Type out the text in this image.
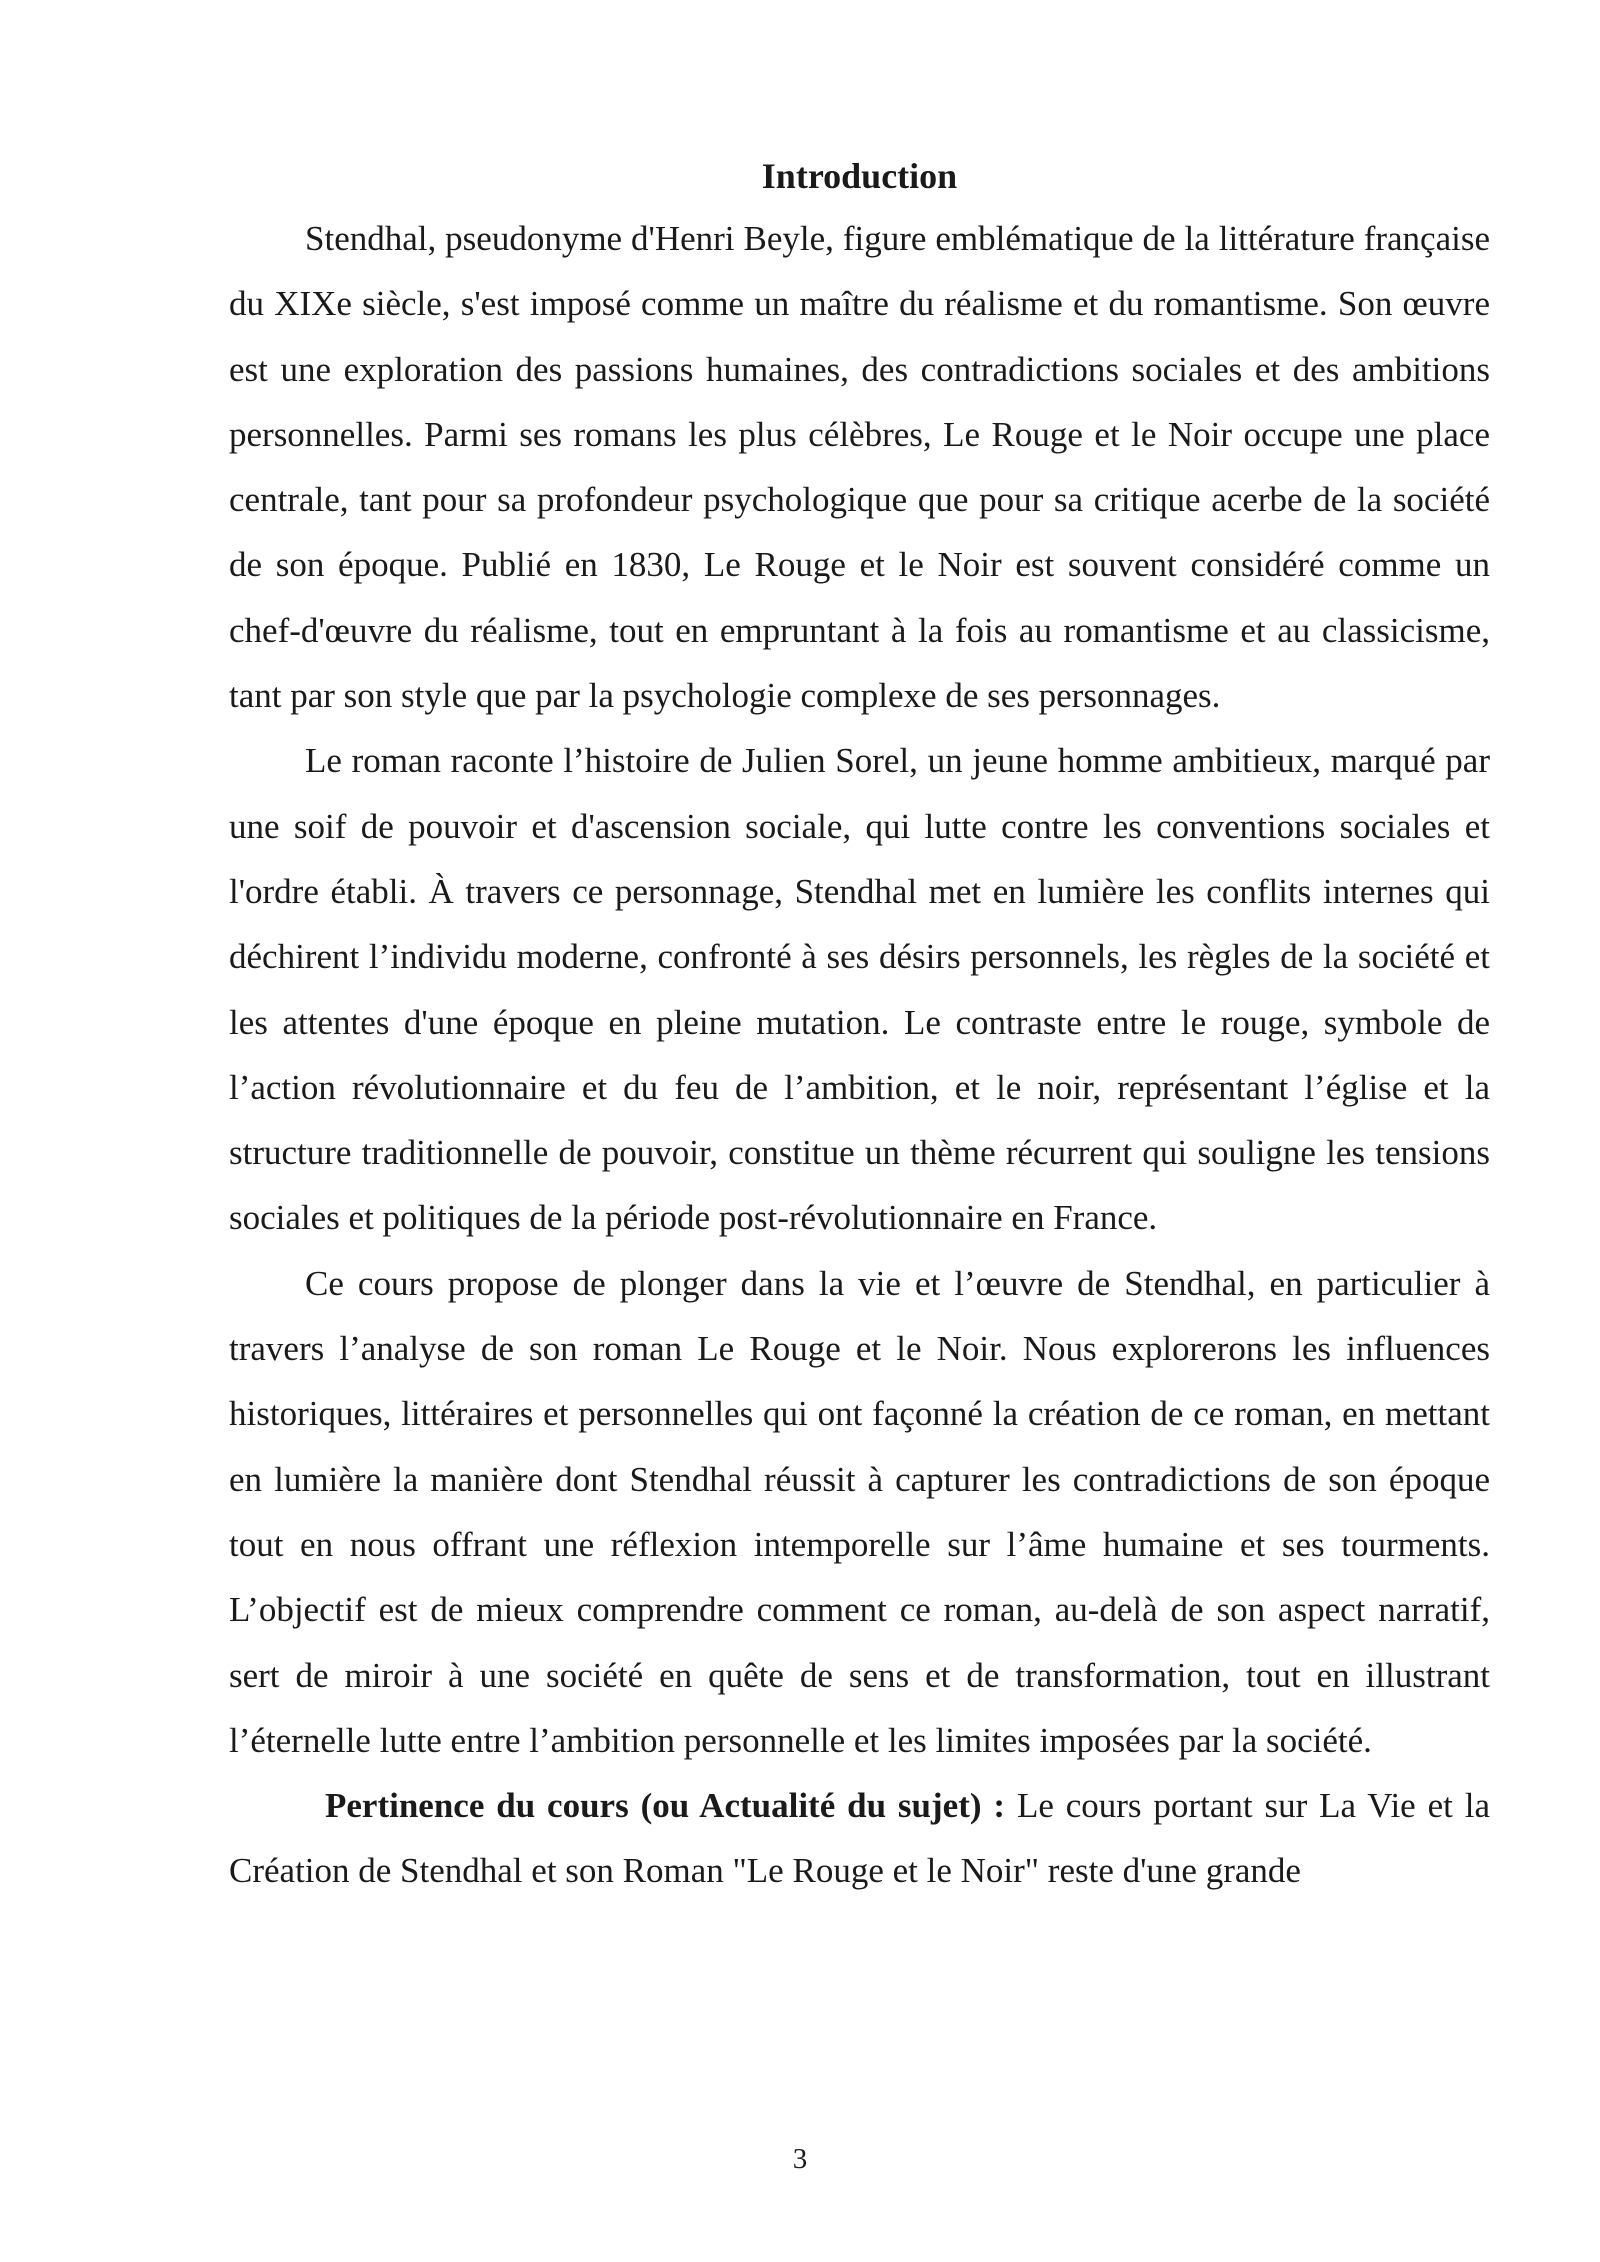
Introduction

Stendhal, pseudonyme d'Henri Beyle, figure emblématique de la littérature française du XIXe siècle, s'est imposé comme un maître du réalisme et du romantisme. Son œuvre est une exploration des passions humaines, des contradictions sociales et des ambitions personnelles. Parmi ses romans les plus célèbres, Le Rouge et le Noir occupe une place centrale, tant pour sa profondeur psychologique que pour sa critique acerbe de la société de son époque. Publié en 1830, Le Rouge et le Noir est souvent considéré comme un chef-d'œuvre du réalisme, tout en empruntant à la fois au romantisme et au classicisme, tant par son style que par la psychologie complexe de ses personnages.

Le roman raconte l’histoire de Julien Sorel, un jeune homme ambitieux, marqué par une soif de pouvoir et d'ascension sociale, qui lutte contre les conventions sociales et l'ordre établi. À travers ce personnage, Stendhal met en lumière les conflits internes qui déchirent l’individu moderne, confronté à ses désirs personnels, les règles de la société et les attentes d'une époque en pleine mutation. Le contraste entre le rouge, symbole de l’action révolutionnaire et du feu de l’ambition, et le noir, représentant l’église et la structure traditionnelle de pouvoir, constitue un thème récurrent qui souligne les tensions sociales et politiques de la période post-révolutionnaire en France.

Ce cours propose de plonger dans la vie et l’œuvre de Stendhal, en particulier à travers l’analyse de son roman Le Rouge et le Noir. Nous explorerons les influences historiques, littéraires et personnelles qui ont façonné la création de ce roman, en mettant en lumière la manière dont Stendhal réussit à capturer les contradictions de son époque tout en nous offrant une réflexion intemporelle sur l’âme humaine et ses tourments. L’objectif est de mieux comprendre comment ce roman, au-delà de son aspect narratif, sert de miroir à une société en quête de sens et de transformation, tout en illustrant l’éternelle lutte entre l’ambition personnelle et les limites imposées par la société.

Pertinence du cours (ou Actualité du sujet) : Le cours portant sur La Vie et la Création de Stendhal et son Roman "Le Rouge et le Noir" reste d'une grande

3
